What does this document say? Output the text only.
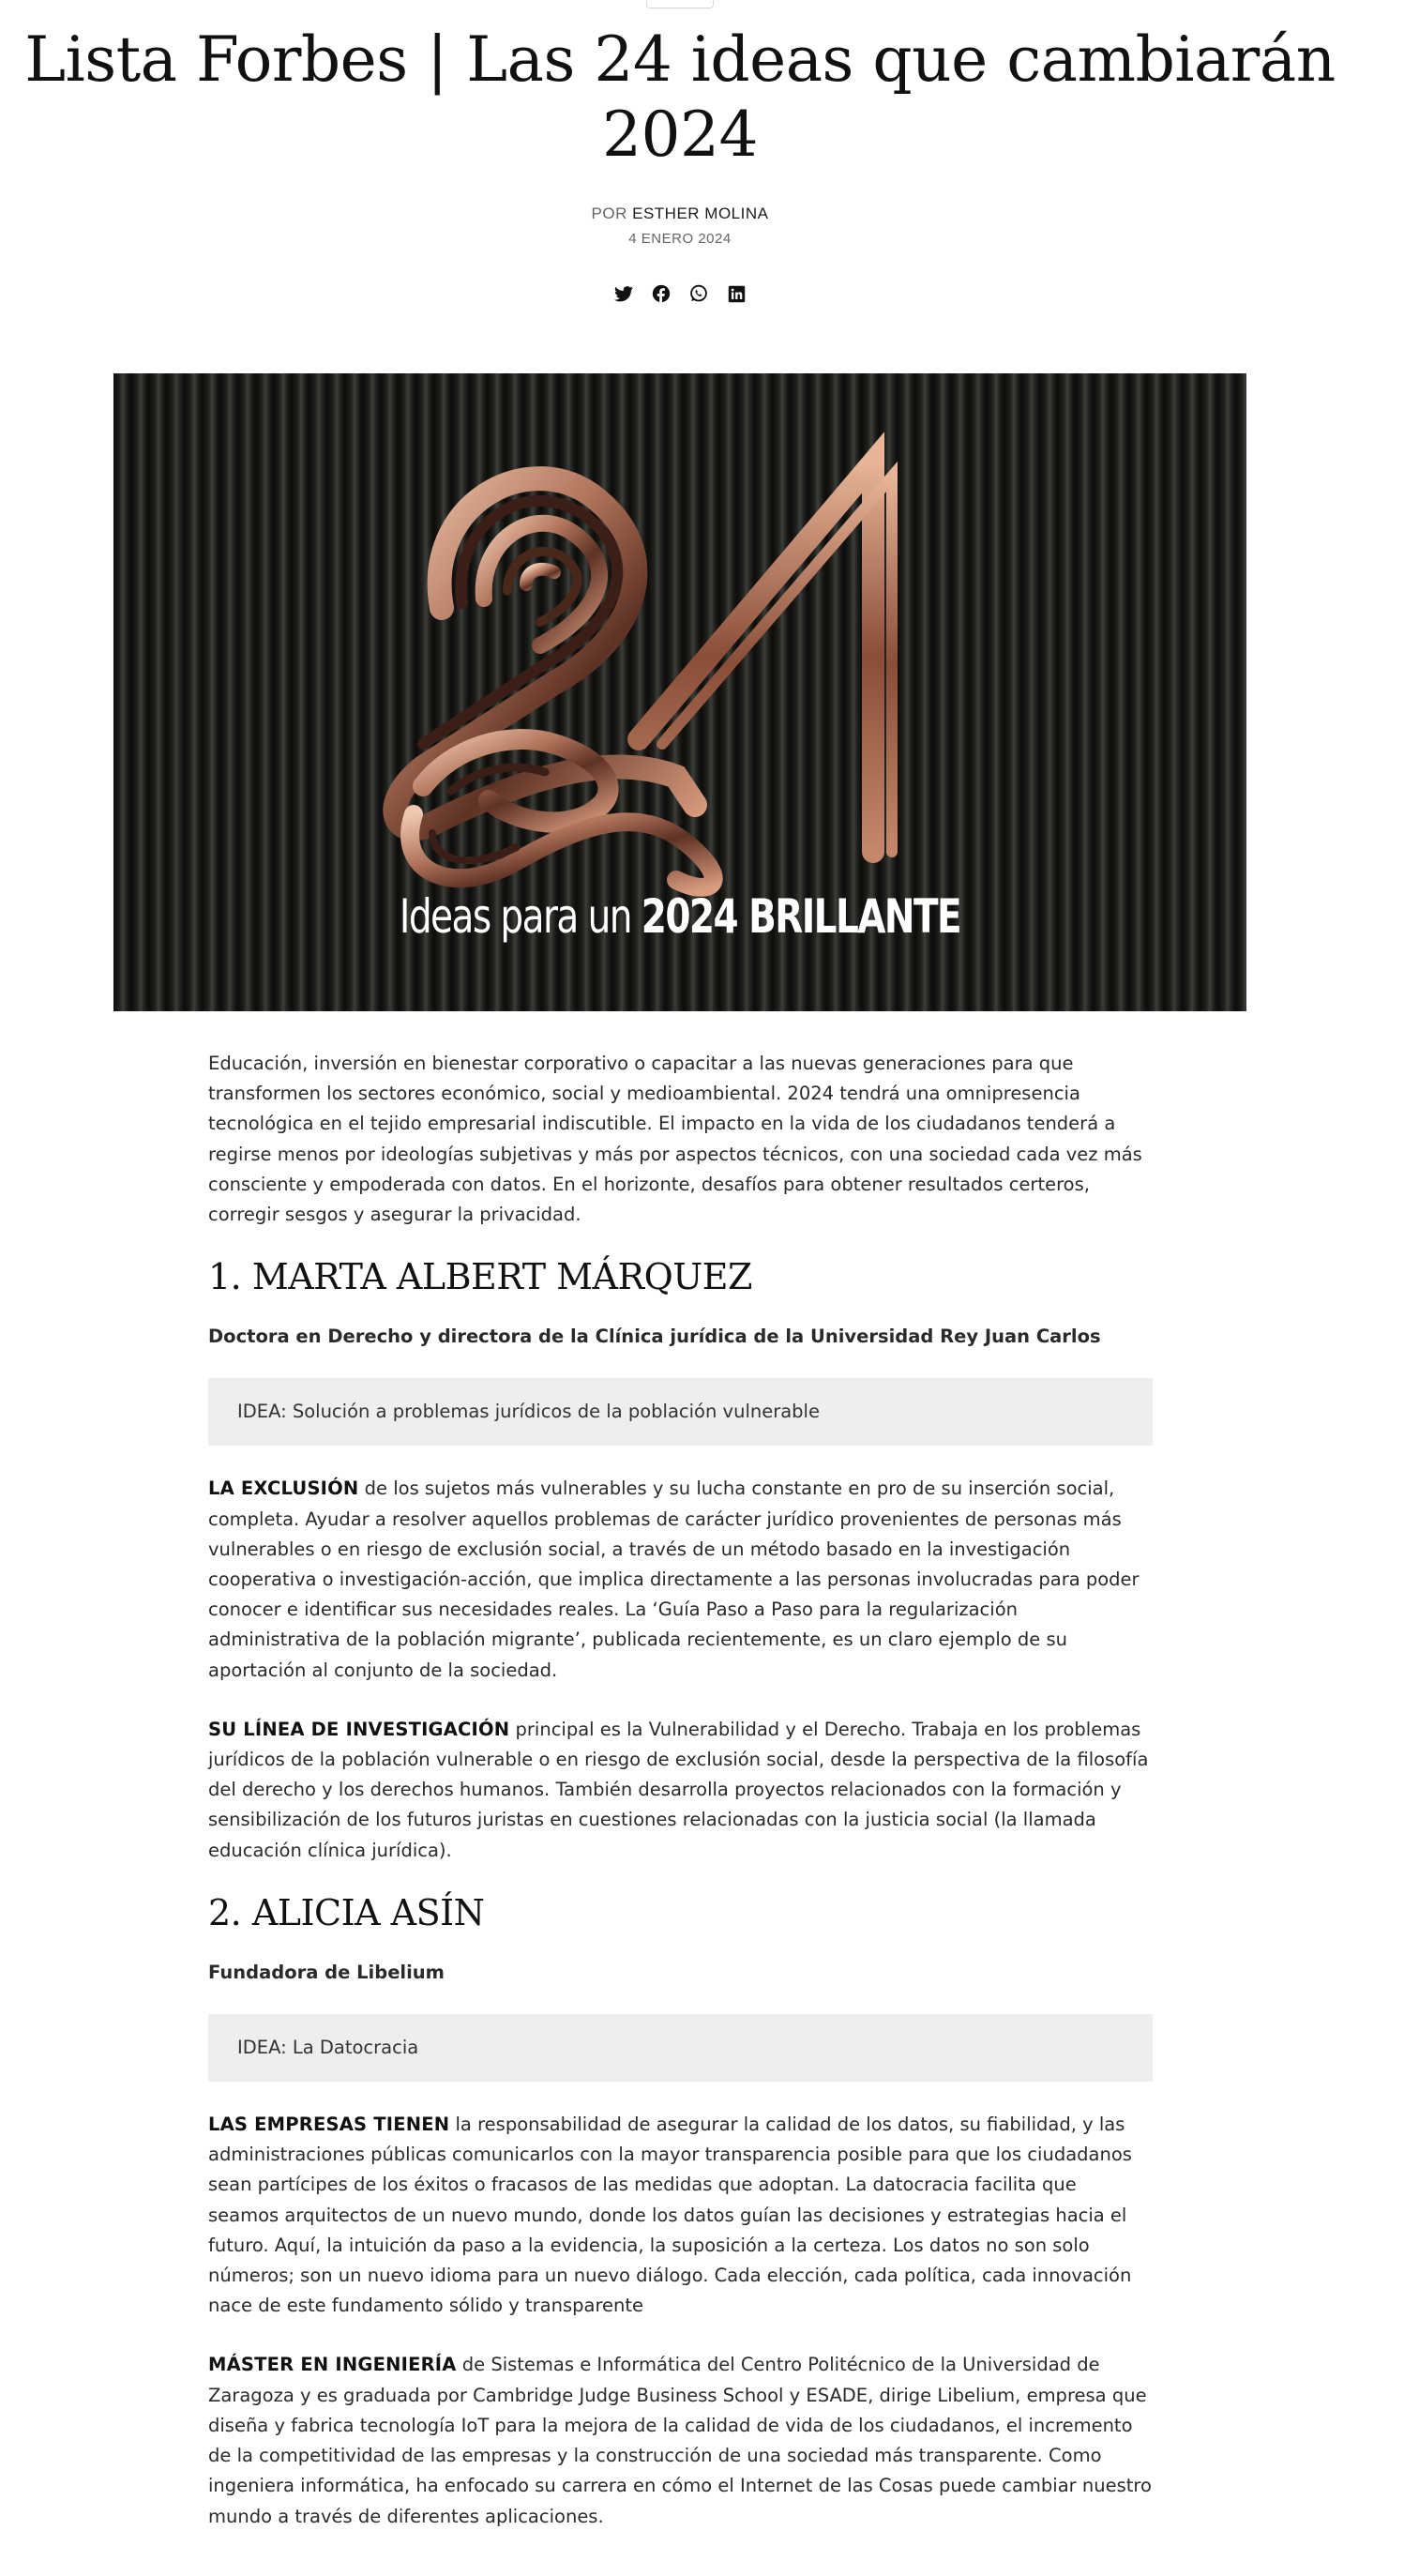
Lista Forbes | Las 24 ideas que cambiarán 2024
POR ESTHER MOLINA
4 ENERO 2024
Ideas para un 2024 BRILLANTE

Educación, inversión en bienestar corporativo o capacitar a las nuevas generaciones para que transformen los sectores económico, social y medioambiental. 2024 tendrá una omnipresencia tecnológica en el tejido empresarial indiscutible. El impacto en la vida de los ciudadanos tenderá a regirse menos por ideologías subjetivas y más por aspectos técnicos, con una sociedad cada vez más consciente y empoderada con datos. En el horizonte, desafíos para obtener resultados certeros, corregir sesgos y asegurar la privacidad.

1. MARTA ALBERT MÁRQUEZ

Doctora en Derecho y directora de la Clínica jurídica de la Universidad Rey Juan Carlos

IDEA: Solución a problemas jurídicos de la población vulnerable

LA EXCLUSIÓN de los sujetos más vulnerables y su lucha constante en pro de su inserción social, completa. Ayudar a resolver aquellos problemas de carácter jurídico provenientes de personas más vulnerables o en riesgo de exclusión social, a través de un método basado en la investigación cooperativa o investigación-acción, que implica directamente a las personas involucradas para poder conocer e identificar sus necesidades reales. La ‘Guía Paso a Paso para la regularización administrativa de la población migrante’, publicada recientemente, es un claro ejemplo de su aportación al conjunto de la sociedad.

SU LÍNEA DE INVESTIGACIÓN principal es la Vulnerabilidad y el Derecho. Trabaja en los problemas jurídicos de la población vulnerable o en riesgo de exclusión social, desde la perspectiva de la filosofía del derecho y los derechos humanos. También desarrolla proyectos relacionados con la formación y sensibilización de los futuros juristas en cuestiones relacionadas con la justicia social (la llamada educación clínica jurídica).

2. ALICIA ASÍN

Fundadora de Libelium

IDEA: La Datocracia

LAS EMPRESAS TIENEN la responsabilidad de asegurar la calidad de los datos, su fiabilidad, y las administraciones públicas comunicarlos con la mayor transparencia posible para que los ciudadanos sean partícipes de los éxitos o fracasos de las medidas que adoptan. La datocracia facilita que seamos arquitectos de un nuevo mundo, donde los datos guían las decisiones y estrategias hacia el futuro. Aquí, la intuición da paso a la evidencia, la suposición a la certeza. Los datos no son solo números; son un nuevo idioma para un nuevo diálogo. Cada elección, cada política, cada innovación nace de este fundamento sólido y transparente

MÁSTER EN INGENIERÍA de Sistemas e Informática del Centro Politécnico de la Universidad de Zaragoza y es graduada por Cambridge Judge Business School y ESADE, dirige Libelium, empresa que diseña y fabrica tecnología IoT para la mejora de la calidad de vida de los ciudadanos, el incremento de la competitividad de las empresas y la construcción de una sociedad más transparente. Como ingeniera informática, ha enfocado su carrera en cómo el Internet de las Cosas puede cambiar nuestro mundo a través de diferentes aplicaciones.
